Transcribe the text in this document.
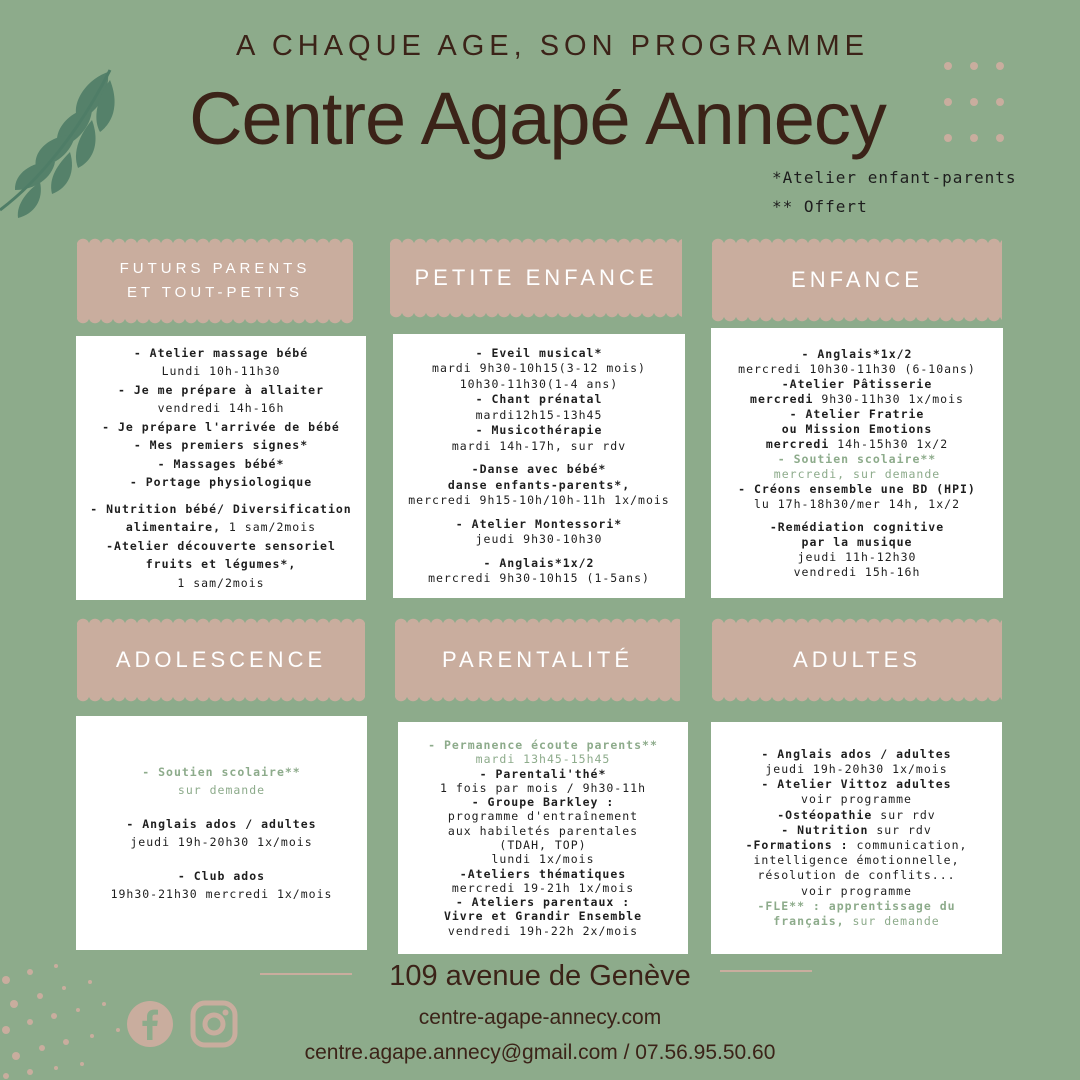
A CHAQUE AGE, SON PROGRAMME
Centre Agapé Annecy
*Atelier enfant-parents
** Offert
FUTURS PARENTS
ET TOUT-PETITS
PETITE ENFANCE	ENFANCE
ADOLESCENCE	PARENTALITÉ	ADULTES
- Atelier massage bébé
Lundi 10h-11h30
- Je me prépare à allaiter
vendredi 14h-16h
- Je prépare l'arrivée de bébé
- Mes premiers signes*
- Massages bébé*
- Portage physiologique
- Nutrition bébé/ Diversification
alimentaire, 1 sam/2mois
-Atelier découverte sensoriel
fruits et légumes*,
1 sam/2mois
- Eveil musical*
mardi 9h30-10h15(3-12 mois)
10h30-11h30(1-4 ans)
- Chant prénatal
mardi12h15-13h45
- Musicothérapie
mardi 14h-17h, sur rdv
-Danse avec bébé*
danse enfants-parents*,
mercredi 9h15-10h/10h-11h 1x/mois
- Atelier Montessori*
jeudi 9h30-10h30
- Anglais*1x/2
mercredi 9h30-10h15 (1-5ans)
- Anglais*1x/2
mercredi 10h30-11h30 (6-10ans)
-Atelier Pâtisserie
mercredi 9h30-11h30 1x/mois
- Atelier Fratrie
ou Mission Emotions
mercredi 14h-15h30 1x/2
- Soutien scolaire**
mercredi, sur demande
- Créons ensemble une BD (HPI)
lu 17h-18h30/mer 14h, 1x/2
-Remédiation cognitive
par la musique
jeudi 11h-12h30
vendredi 15h-16h
- Soutien scolaire**
sur demande
- Anglais ados / adultes
jeudi 19h-20h30 1x/mois
- Club ados
19h30-21h30 mercredi 1x/mois
- Permanence écoute parents**
mardi 13h45-15h45
- Parentali'thé*
1 fois par mois / 9h30-11h
- Groupe Barkley :
programme d'entraînement
aux habiletés parentales
(TDAH, TOP)
lundi 1x/mois
-Ateliers thématiques
mercredi 19-21h 1x/mois
- Ateliers parentaux :
Vivre et Grandir Ensemble
vendredi 19h-22h 2x/mois
- Anglais ados / adultes
jeudi 19h-20h30 1x/mois
- Atelier Vittoz adultes
voir programme
-Ostéopathie sur rdv
- Nutrition sur rdv
-Formations : communication,
intelligence émotionnelle,
résolution de conflits...
voir programme
-FLE** : apprentissage du
français, sur demande
109 avenue de Genève
centre-agape-annecy.com
centre.agape.annecy@gmail.com / 07.56.95.50.60
